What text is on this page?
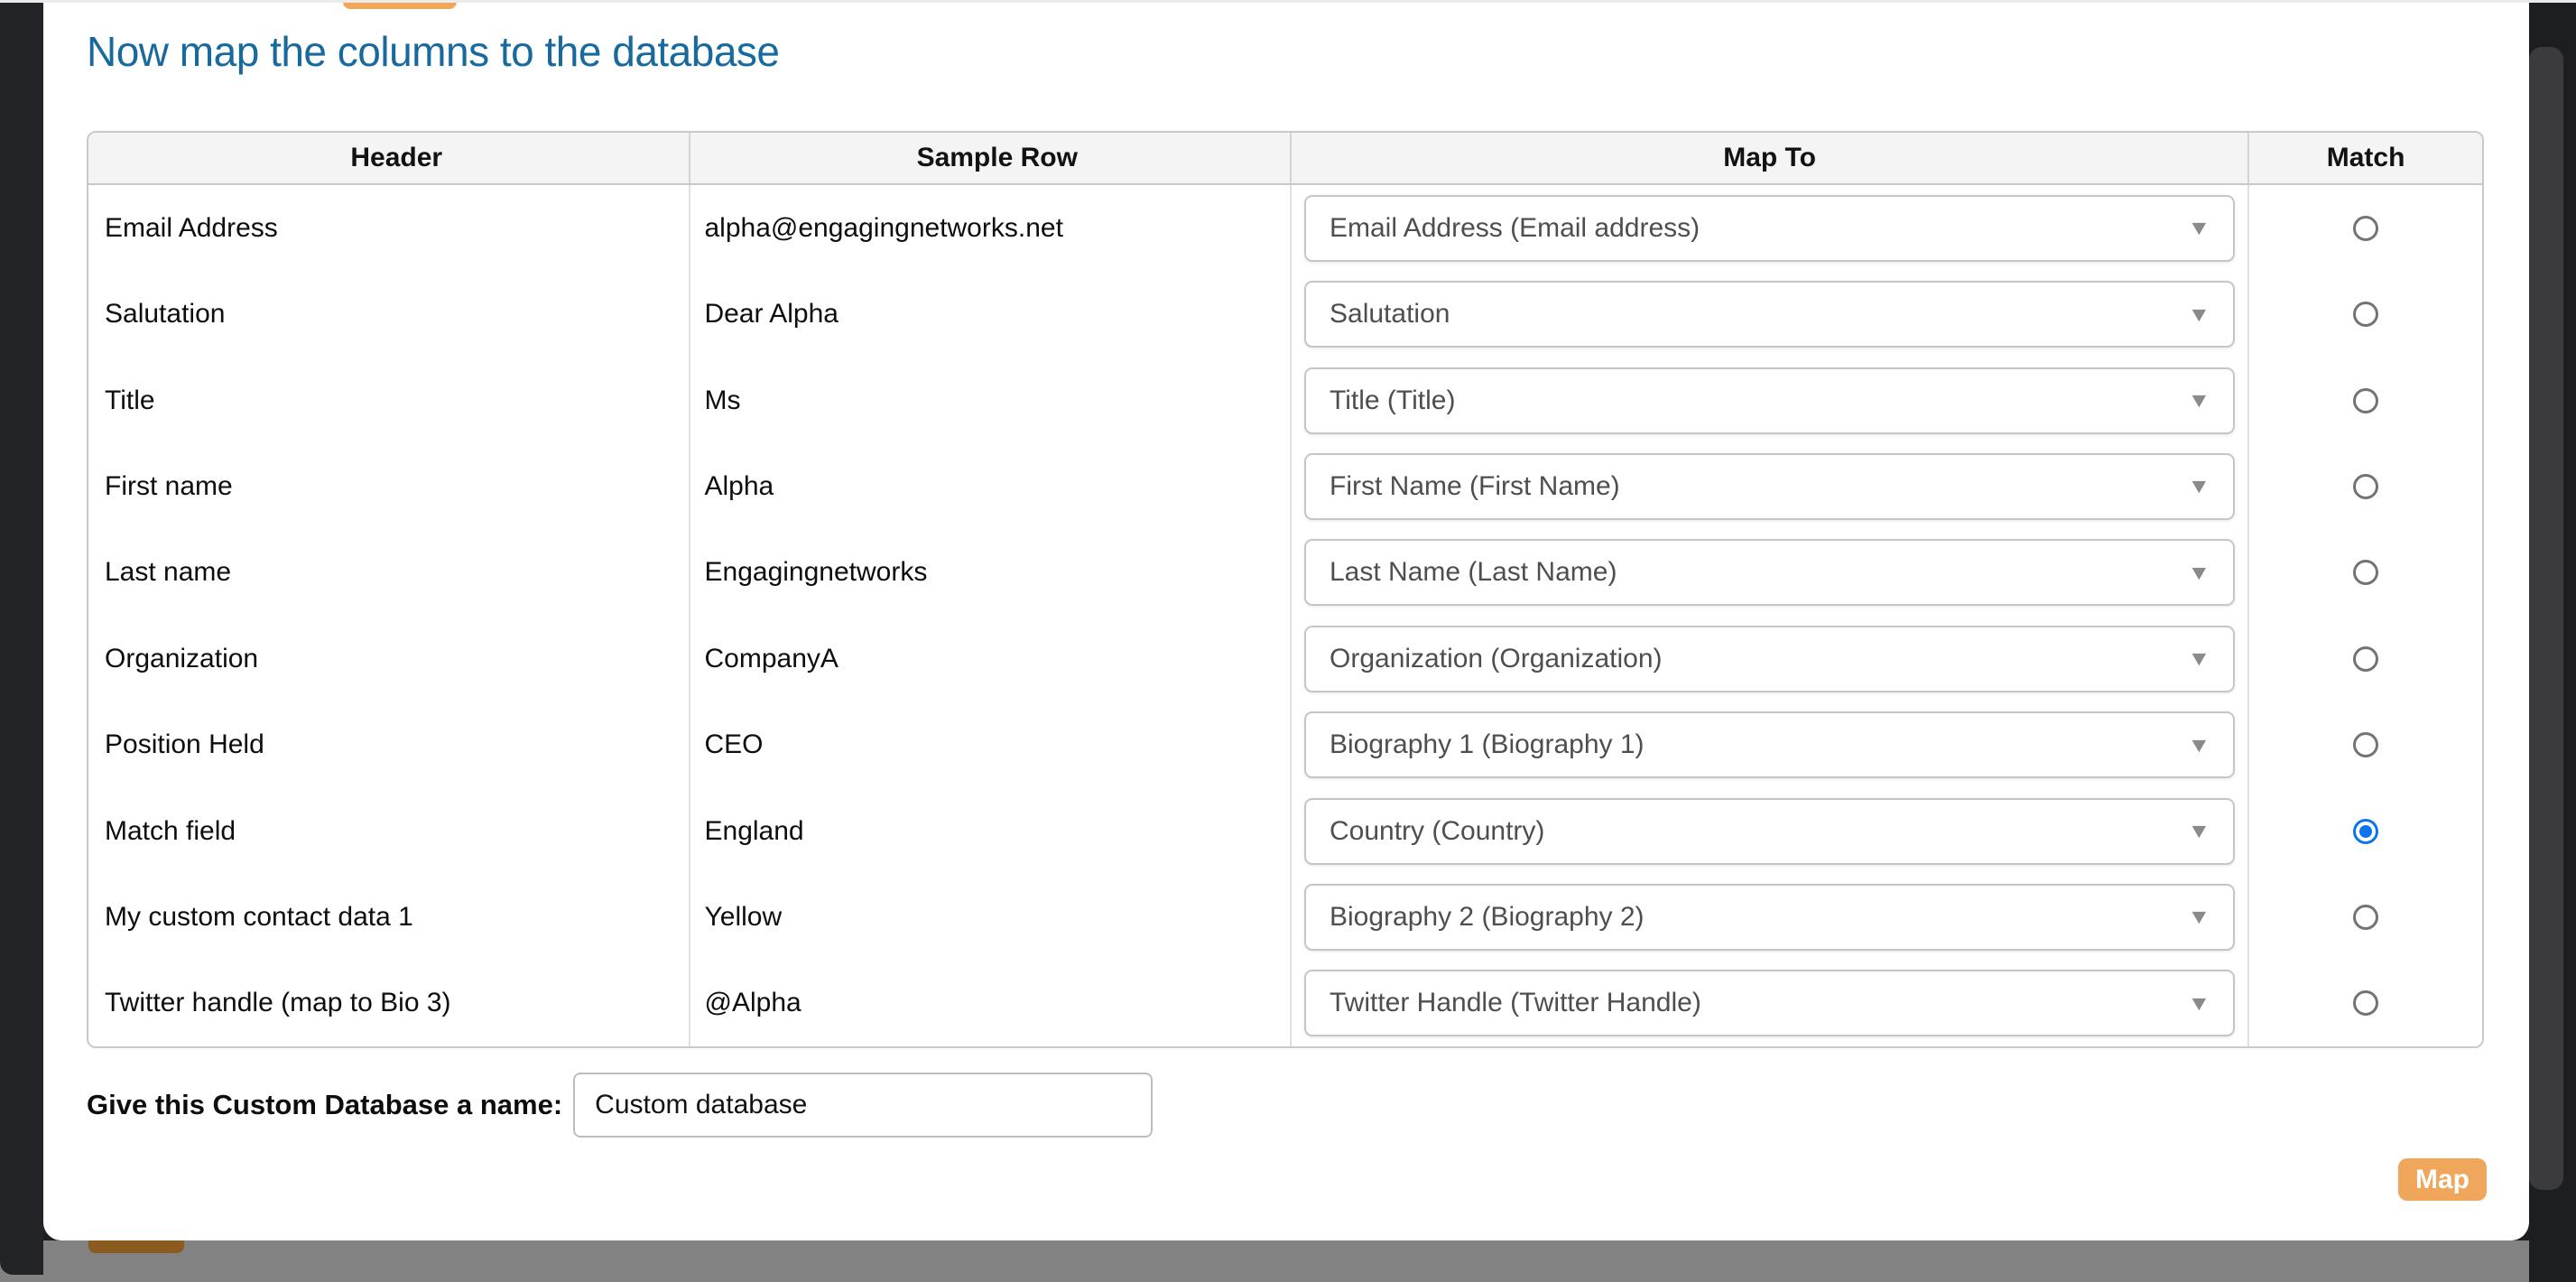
Now map the columns to the database
Header	Sample Row	Map To	Match
Email Address	alpha@engagingnetworks.net	Email Address (Email address)	▼
Salutation	Dear Alpha	Salutation	▼
Title	Ms	Title (Title)	▼
First name	Alpha	First Name (First Name)	▼
Last name	Engagingnetworks	Last Name (Last Name)	▼
Organization	CompanyA	Organization (Organization)	▼
Position Held	CEO	Biography 1 (Biography 1)	▼
Match field	England	Country (Country)	▼
My custom contact data 1	Yellow	Biography 2 (Biography 2)	▼
Twitter handle (map to Bio 3)	@Alpha	Twitter Handle (Twitter Handle)	▼
Give this Custom Database a name:
Custom database
Map
